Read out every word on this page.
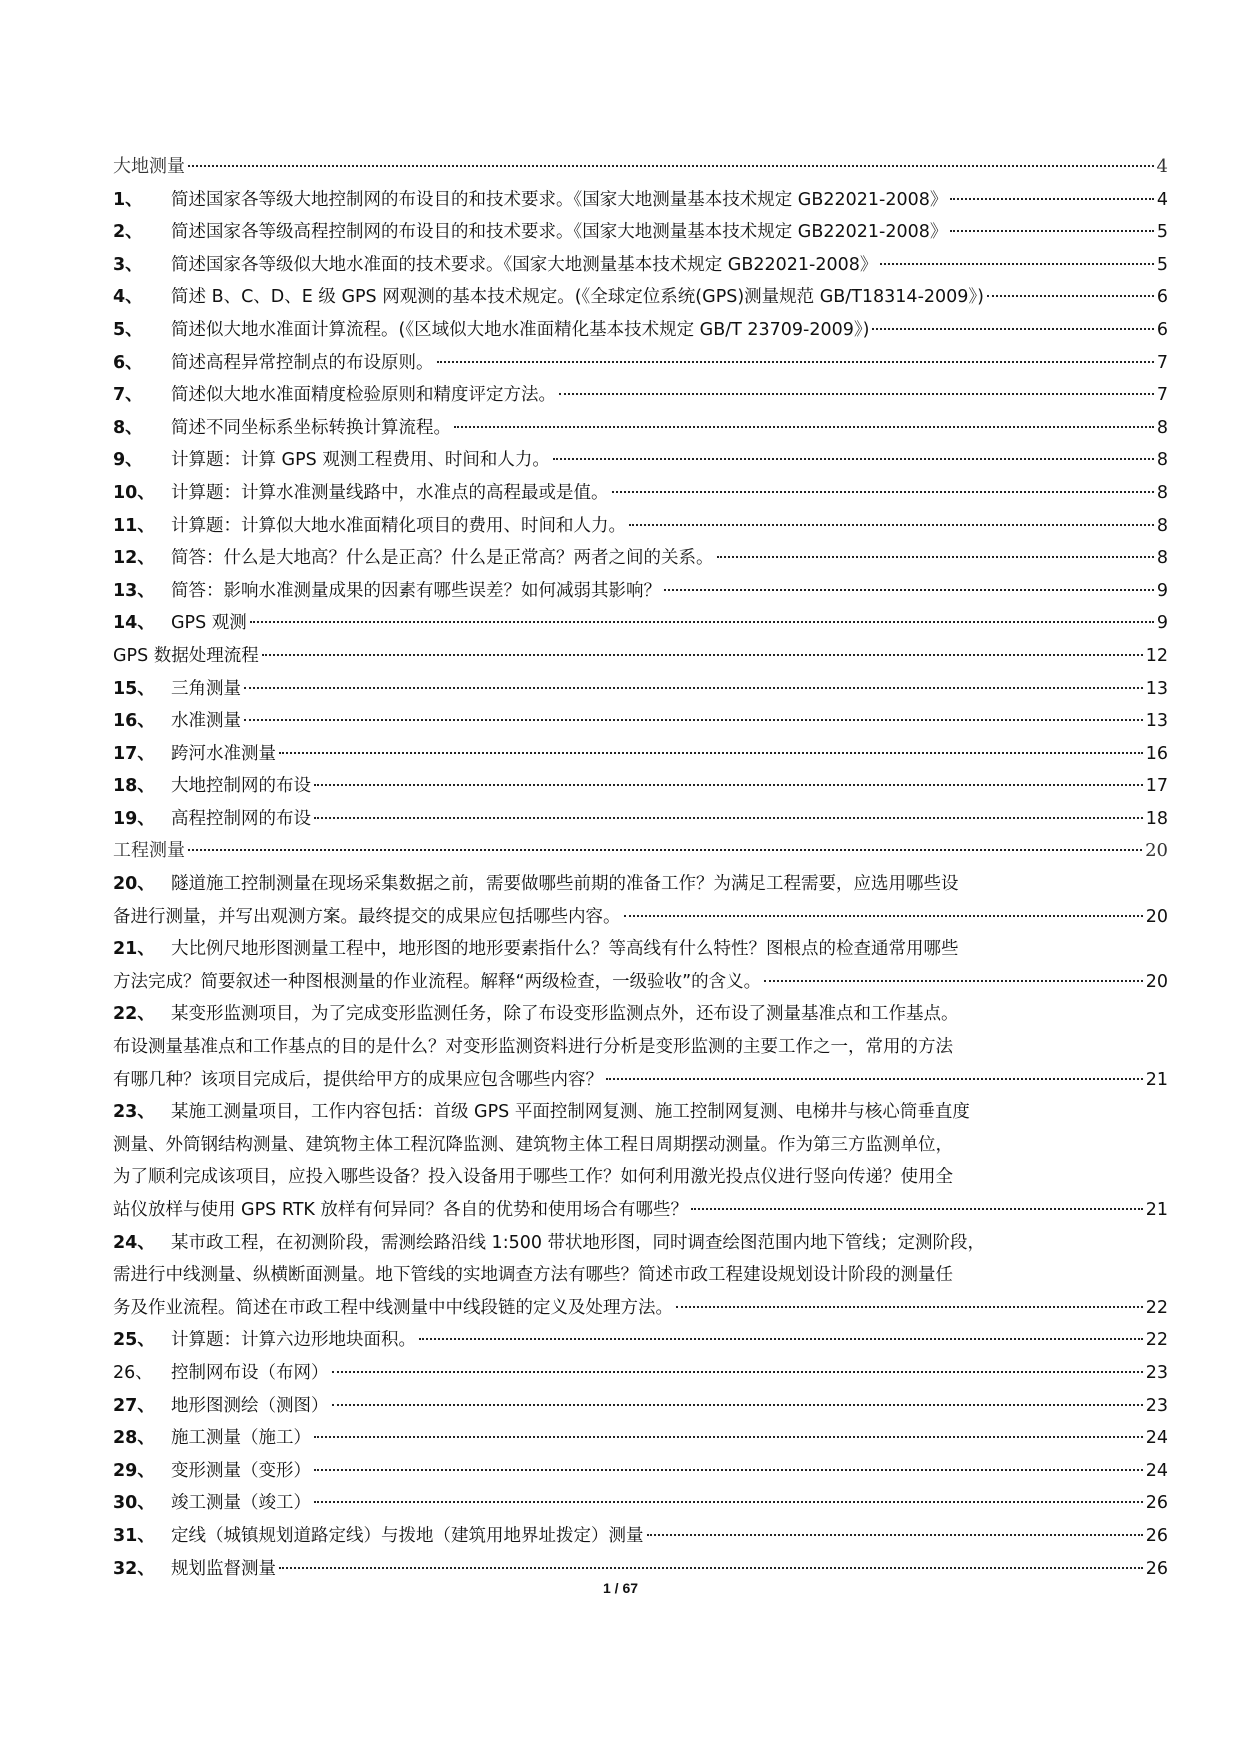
大地测量	4
1、	简述国家各等级大地控制网的布设目的和技术要求。《国家大地测量基本技术规定 GB22021-2008》	4
2、	简述国家各等级高程控制网的布设目的和技术要求。《国家大地测量基本技术规定 GB22021-2008》	5
3、	简述国家各等级似大地水准面的技术要求。《国家大地测量基本技术规定 GB22021-2008》	5
4、	简述 B、C、D、E 级 GPS 网观测的基本技术规定。(《全球定位系统(GPS)测量规范 GB/T18314-2009》)	6
5、	简述似大地水准面计算流程。(《区域似大地水准面精化基本技术规定 GB/T 23709-2009》)	6
6、	简述高程异常控制点的布设原则。	7
7、	简述似大地水准面精度检验原则和精度评定方法。	7
8、	简述不同坐标系坐标转换计算流程。	8
9、	计算题：计算 GPS 观测工程费用、时间和人力。	8
10、 计算题：计算水准测量线路中，水准点的高程最或是值。	8
11、 计算题：计算似大地水准面精化项目的费用、时间和人力。	8
12、 简答：什么是大地高？什么是正高？什么是正常高？两者之间的关系。	8
13、 简答：影响水准测量成果的因素有哪些误差？如何减弱其影响？	9
14、 GPS 观测	9
GPS 数据处理流程	12
15、 三角测量	13
16、 水准测量	13
17、 跨河水准测量	16
18、 大地控制网的布设	17
19、 高程控制网的布设	18
工程测量	20
20、 隧道施工控制测量在现场采集数据之前，需要做哪些前期的准备工作？为满足工程需要，应选用哪些设
备进行测量，并写出观测方案。最终提交的成果应包括哪些内容。	20
21、 大比例尺地形图测量工程中，地形图的地形要素指什么？等高线有什么特性？图根点的检查通常用哪些
方法完成？简要叙述一种图根测量的作业流程。解释“两级检查，一级验收”的含义。	20
22、 某变形监测项目，为了完成变形监测任务，除了布设变形监测点外，还布设了测量基准点和工作基点。
布设测量基准点和工作基点的目的是什么？对变形监测资料进行分析是变形监测的主要工作之一，常用的方法
有哪几种？该项目完成后，提供给甲方的成果应包含哪些内容？	21
23、 某施工测量项目，工作内容包括：首级 GPS 平面控制网复测、施工控制网复测、电梯井与核心筒垂直度
测量、外筒钢结构测量、建筑物主体工程沉降监测、建筑物主体工程日周期摆动测量。作为第三方监测单位，
为了顺利完成该项目，应投入哪些设备？投入设备用于哪些工作？如何利用激光投点仪进行竖向传递？使用全
站仪放样与使用 GPS RTK 放样有何异同？各自的优势和使用场合有哪些？	21
24、 某市政工程，在初测阶段，需测绘路沿线 1:500 带状地形图，同时调查绘图范围内地下管线；定测阶段，
需进行中线测量、纵横断面测量。地下管线的实地调查方法有哪些？简述市政工程建设规划设计阶段的测量任
务及作业流程。简述在市政工程中线测量中中线段链的定义及处理方法。	22
25、 计算题：计算六边形地块面积。	22
26、	控制网布设（布网）	23
27、 地形图测绘（测图）	23
28、 施工测量（施工）	24
29、 变形测量（变形）	24
30、 竣工测量（竣工）	26
31、 定线（城镇规划道路定线）与拨地（建筑用地界址拨定）测量	26
32、 规划监督测量	26
1 / 67
